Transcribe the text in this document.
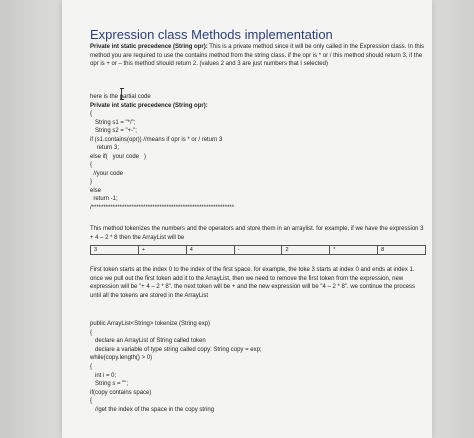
Expression class Methods implementation
Private int static precedence (String opr): This is a private method since it will be only called in the Expression class. In this method you are required to use the contains method from the string class. if the opr is * or / this method should return 3, if the opr is + or – this method should return 2. (values 2 and 3 are just numbers that I selected)
here is the partial code
Private int static precedence (String opr):
{
String s1 = "*/";
String s2 = "+-";
if (s1.contains(opr)) //means if opr is * or / return 3
return 3;
else if(   your code   )
{
//your code
}
else
return -1;
/*************************************************************
This method tokenizes the numbers and the operators and store them in an arraylist. for example, if we have the expression 3 + 4 – 2 * 8 then the ArrayList will be
3	+	4	-	2	*	8
First token starts at the index 0 to the index of the first space. for example, the toke 3 starts at index 0 and ends at index 1. once we pull out the first token add it to the ArrayList, then we need to remove the first token from the expression, new expression will be "+ 4 – 2 * 8". the next token will be + and the new expression will be "4 – 2 * 8". we continue the process until all the tokens are stored in the ArrayList
public ArrayList<String> tokenize (String exp)
{
declare an ArrayList of String called token
declare a variable of type string called copy: String copy = exp;
while(copy.length() > 0)
{
int i = 0;
String s = "";
if(copy contains space)
{
//get the index of the space in the copy string
